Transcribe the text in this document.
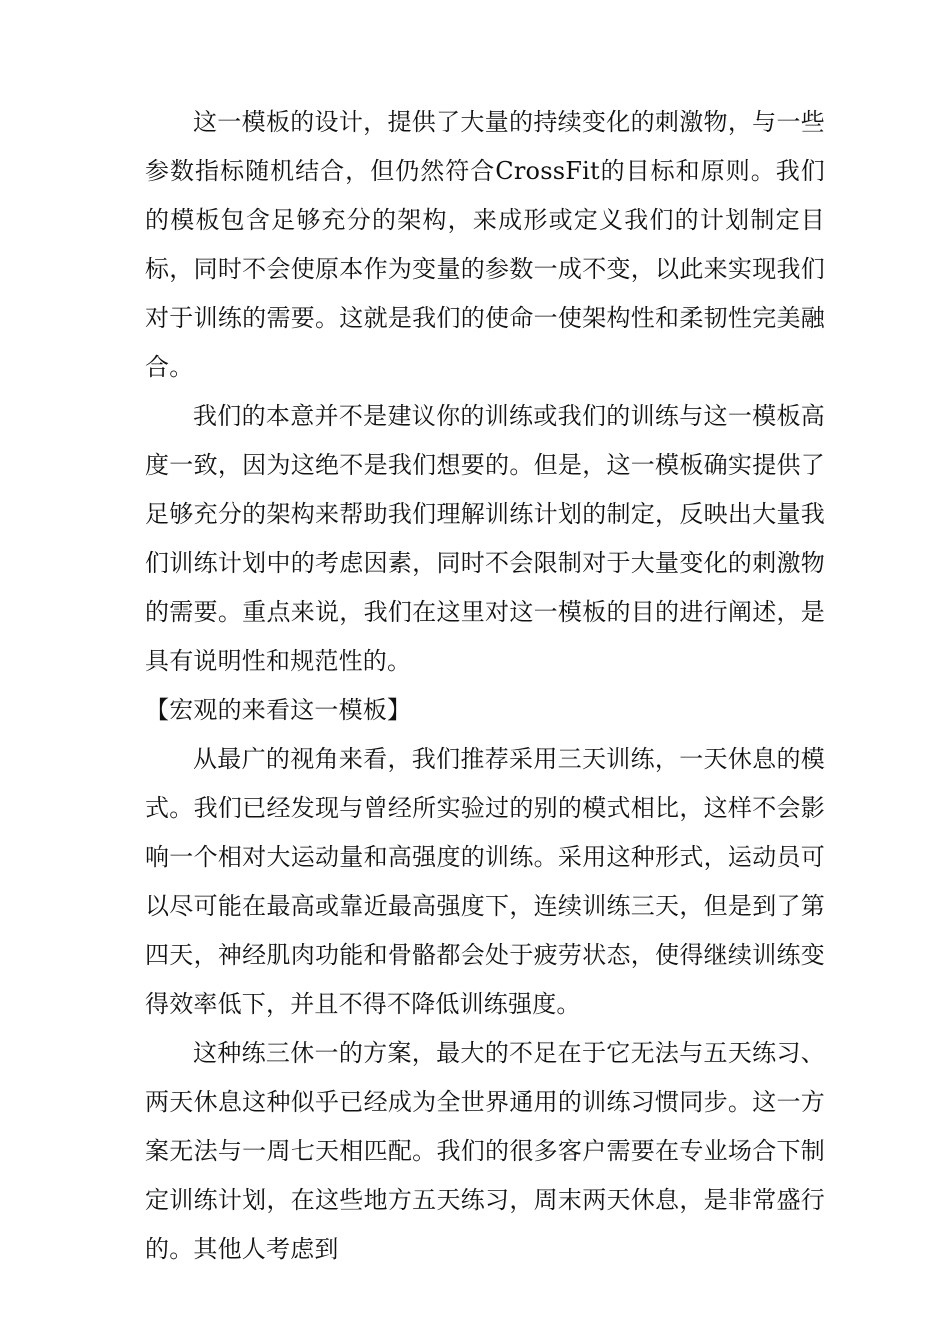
这一模板的设计，提供了大量的持续变化的刺激物，与一些参数指标随机结合，但仍然符合CrossFit的目标和原则。我们的模板包含足够充分的架构，来成形或定义我们的计划制定目标，同时不会使原本作为变量的参数一成不变，以此来实现我们对于训练的需要。这就是我们的使命一使架构性和柔韧性完美融合。

我们的本意并不是建议你的训练或我们的训练与这一模板高度一致，因为这绝不是我们想要的。但是，这一模板确实提供了足够充分的架构来帮助我们理解训练计划的制定，反映出大量我们训练计划中的考虑因素，同时不会限制对于大量变化的刺激物的需要。重点来说，我们在这里对这一模板的目的进行阐述，是具有说明性和规范性的。

【宏观的来看这一模板】

从最广的视角来看，我们推荐采用三天训练，一天休息的模式。我们已经发现与曾经所实验过的别的模式相比，这样不会影响一个相对大运动量和高强度的训练。采用这种形式，运动员可以尽可能在最高或靠近最高强度下，连续训练三天，但是到了第四天，神经肌肉功能和骨骼都会处于疲劳状态，使得继续训练变得效率低下，并且不得不降低训练强度。

这种练三休一的方案，最大的不足在于它无法与五天练习、两天休息这种似乎已经成为全世界通用的训练习惯同步。这一方案无法与一周七天相匹配。我们的很多客户需要在专业场合下制定训练计划，在这些地方五天练习，周末两天休息，是非常盛行的。其他人考虑到
